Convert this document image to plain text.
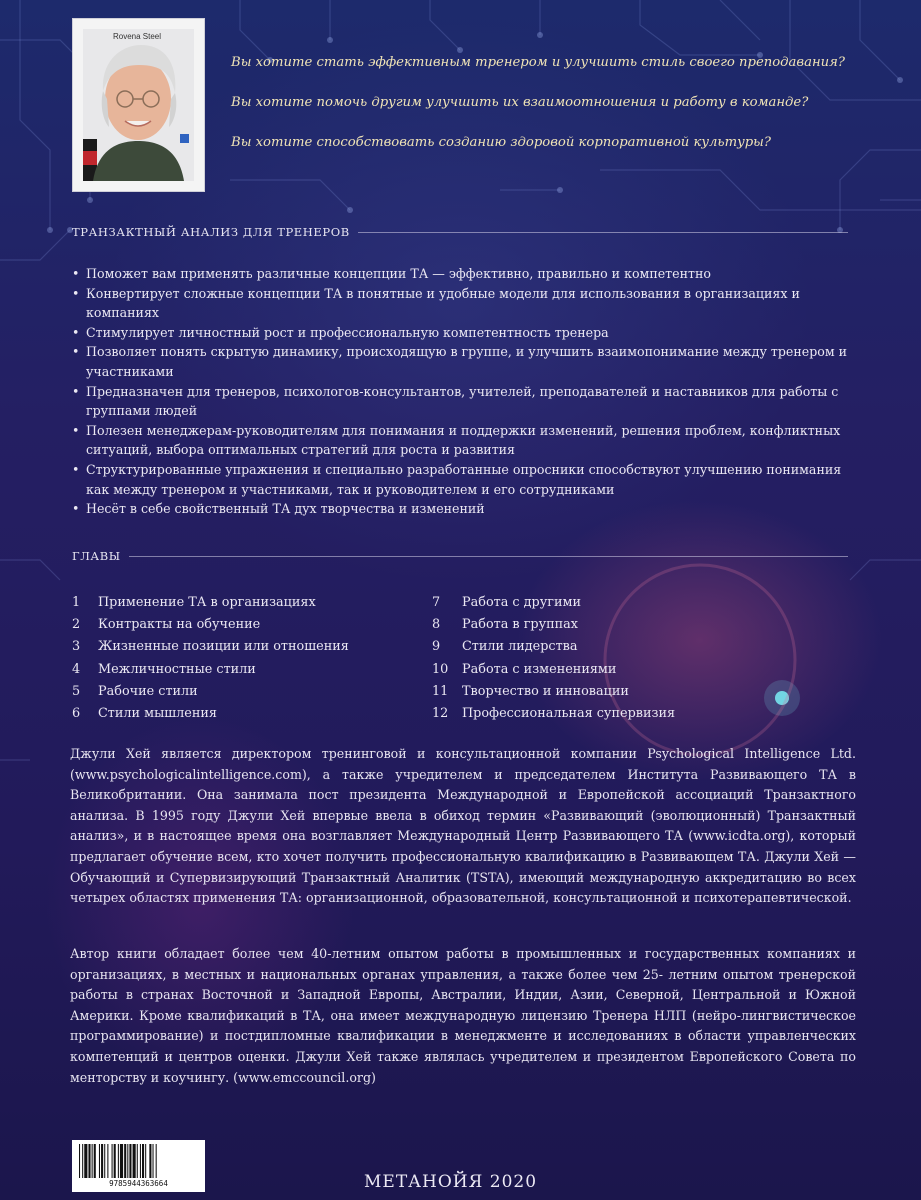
Rovena Steel
Вы хотите стать эффективным тренером и улучшить стиль своего преподавания?
Вы хотите помочь другим улучшить их взаимоотношения и работу в команде?
Вы хотите способствовать созданию здоровой корпоративной культуры?
ТРАНЗАКТНЫЙ АНАЛИЗ ДЛЯ ТРЕНЕРОВ
• Поможет вам применять различные концепции ТА — эффективно, правильно и компетентно
• Конвертирует сложные концепции ТА в понятные и удобные модели для использования в организациях и компаниях
• Стимулирует личностный рост и профессиональную компетентность тренера
• Позволяет понять скрытую динамику, происходящую в группе, и улучшить взаимопонимание между тренером и участниками
• Предназначен для тренеров, психологов-консультантов, учителей, преподавателей и наставников для работы с группами людей
• Полезен менеджерам-руководителям для понимания и поддержки изменений, решения проблем, конфликтных ситуаций, выбора оптимальных стратегий для роста и развития
• Структурированные упражнения и специально разработанные опросники способствуют улучшению понимания как между тренером и участниками, так и руководителем и его сотрудниками
• Несёт в себе свойственный ТА дух творчества и изменений
ГЛАВЫ
1	Применение ТА в организациях
2	Контракты на обучение
3	Жизненные позиции или отношения
4	Межличностные стили
5	Рабочие стили
6	Стили мышления
7	Работа с другими
8	Работа в группах
9	Стили лидерства
10	Работа с изменениями
11	Творчество и инновации
12	Профессиональная супервизия

Джули Хей является директором тренинговой и консультационной компании Psychological Intelligence Ltd. (www.psychologicalintelligence.com), а также учредителем и председателем Института Развивающего ТА в Великобритании. Она занимала пост президента Международной и Европейской ассоциаций Транзактного анализа. В 1995 году Джули Хей впервые ввела в обиход термин «Развивающий (эволюционный) Транзактный анализ», и в настоящее время она возглавляет Международный Центр Развивающего ТА (www.icdta.org), который предлагает обучение всем, кто хочет получить профессиональную квалификацию в Развивающем ТА. Джули Хей — Обучающий и Супервизирующий Транзактный Аналитик (TSTA), имеющий международную аккредитацию во всех четырех областях применения ТА: организационной, образовательной, консультационной и психотерапевтической.

Автор книги обладает более чем 40-летним опытом работы в промышленных и государственных компаниях и организациях, в местных и национальных органах управления, а также более чем 25- летним опытом тренерской работы в странах Восточной и Западной Европы, Австралии, Индии, Азии, Северной, Центральной и Южной Америки. Кроме квалификаций в ТА, она имеет международную лицензию Тренера НЛП (нейро-лингвистическое программирование) и постдипломные квалификации в менеджменте и исследованиях в области управленческих компетенций и центров оценки. Джули Хей также являлась учредителем и президентом Европейского Совета по менторству и коучингу. (www.emccouncil.org)

9785944363664	МЕТАНОЙЯ 2020
